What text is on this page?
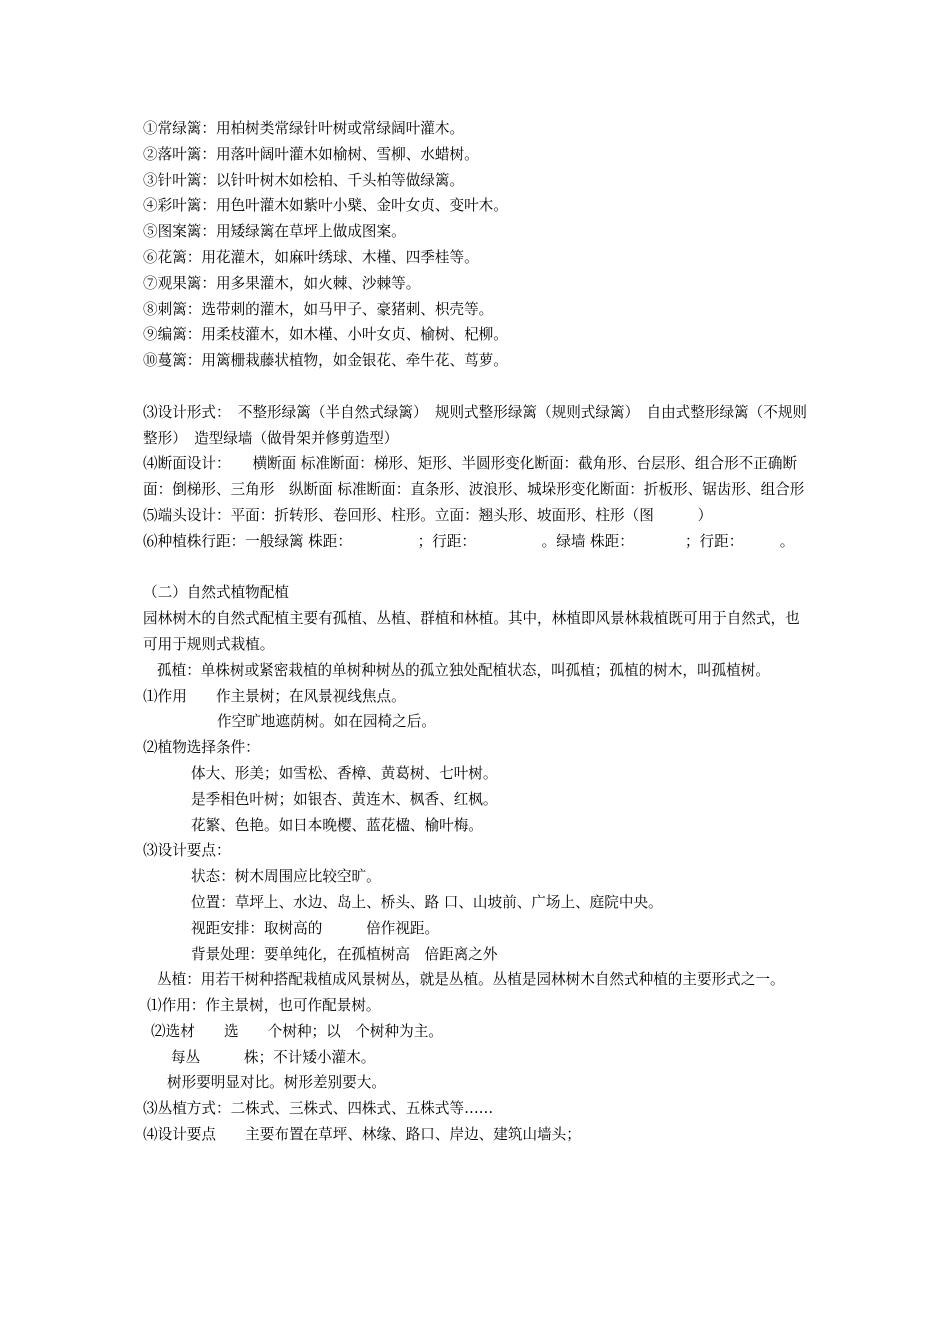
①常绿篱：用柏树类常绿针叶树或常绿阔叶灌木。
②落叶篱：用落叶阔叶灌木如榆树、雪柳、水蜡树。
③针叶篱：以针叶树木如桧柏、千头柏等做绿篱。
④彩叶篱：用色叶灌木如紫叶小檗、金叶女贞、变叶木。
⑤图案篱：用矮绿篱在草坪上做成图案。
⑥花篱：用花灌木，如麻叶绣球、木槿、四季桂等。
⑦观果篱：用多果灌木，如火棘、沙棘等。
⑧刺篱：选带刺的灌木，如马甲子、豪猪刺、枳壳等。
⑨编篱：用柔枝灌木，如木槿、小叶女贞、榆树、杞柳。
⑩蔓篱：用篱栅栽藤状植物，如金银花、牵牛花、茑萝。
⑶设计形式：　不整形绿篱（半自然式绿篱）　规则式整形绿篱（规则式绿篱）　自由式整形绿篱（不规则整形）　造型绿墙（做骨架并修剪造型）
⑷断面设计：　　横断面 标准断面：梯形、矩形、半圆形变化断面：截角形、台层形、组合形不正确断面：倒梯形、三角形　纵断面 标准断面：直条形、波浪形、城垛形变化断面：折板形、锯齿形、组合形
⑸端头设计：平面：折转形、卷回形、柱形。立面：翘头形、坡面形、柱形（图　　　）
⑹种植株行距：一般绿篱 株距：　　　　　；行距：　　　　　。绿墙 株距：　　　　；行距：　　　。
（二）自然式植物配植
园林树木的自然式配植主要有孤植、丛植、群植和林植。其中，林植即风景林栽植既可用于自然式，也可用于规则式栽植。
孤植：单株树或紧密栽植的单树种树丛的孤立独处配植状态，叫孤植；孤植的树木，叫孤植树。
⑴作用　　作主景树；在风景视线焦点。
作空旷地遮荫树。如在园椅之后。
⑵植物选择条件：
体大、形美；如雪松、香樟、黄葛树、七叶树。
是季相色叶树；如银杏、黄连木、枫香、红枫。
花繁、色艳。如日本晚樱、蓝花楹、榆叶梅。
⑶设计要点：
状态：树木周围应比较空旷。
位置：草坪上、水边、岛上、桥头、路 口、山坡前、广场上、庭院中央。
视距安排：取树高的　　　倍作视距。
背景处理：要单纯化，在孤植树高　倍距离之外
丛植：用若干树种搭配栽植成风景树丛，就是丛植。丛植是园林树木自然式种植的主要形式之一。
⑴作用：作主景树，也可作配景树。
⑵选材　　选　　个树种；以　个树种为主。
每丛　　　株；不计矮小灌木。
树形要明显对比。树形差别要大。
⑶丛植方式：二株式、三株式、四株式、五株式等……
⑷设计要点　　主要布置在草坪、林缘、路口、岸边、建筑山墙头；
